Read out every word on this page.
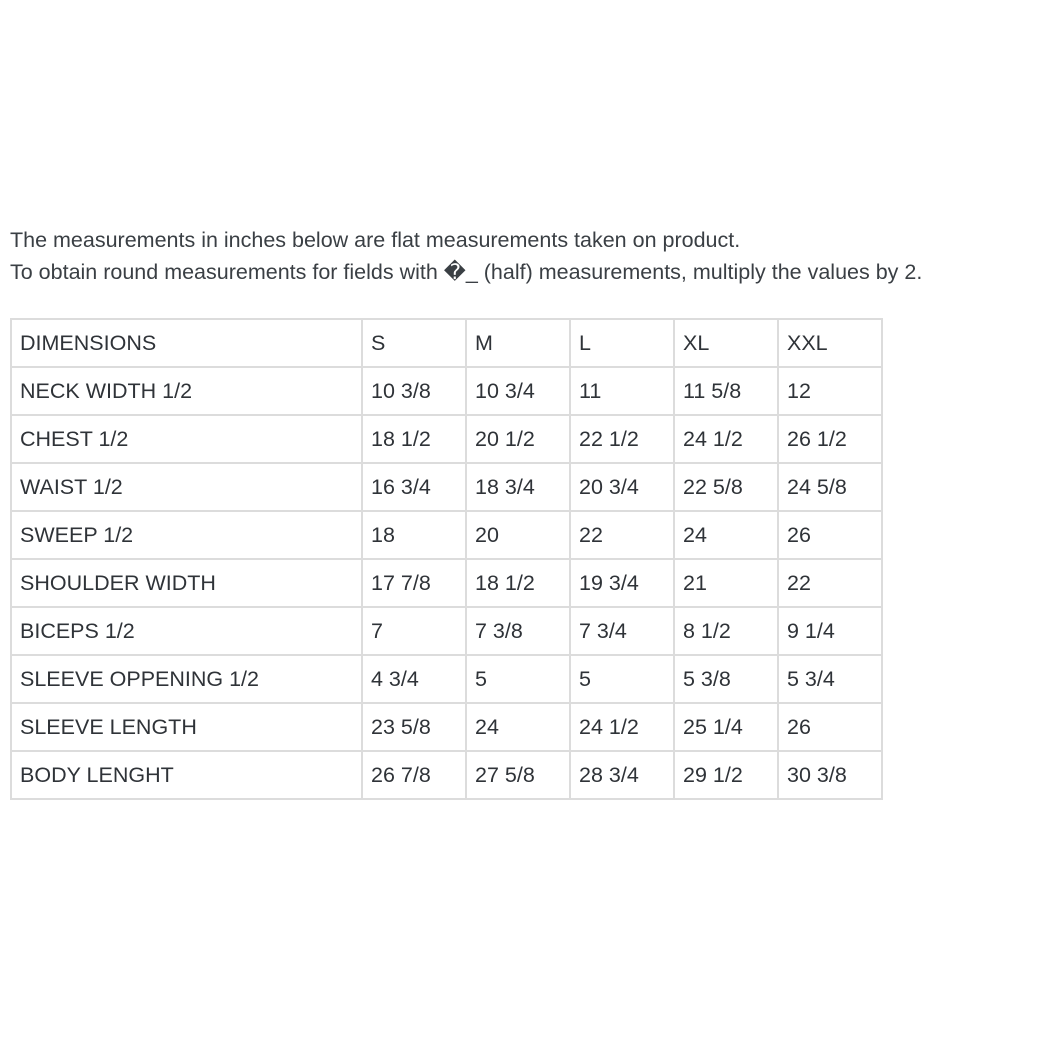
The measurements in inches below are flat measurements taken on product.

To obtain round measurements for fields with �_ (half) measurements, multiply the values by 2.

DIMENSIONS	S	M	L	XL	XXL
NECK WIDTH 1/2	10 3/8	10 3/4	11	11 5/8	12
CHEST 1/2	18 1/2	20 1/2	22 1/2	24 1/2	26 1/2
WAIST 1/2	16 3/4	18 3/4	20 3/4	22 5/8	24 5/8
SWEEP 1/2	18	20	22	24	26
SHOULDER WIDTH	17 7/8	18 1/2	19 3/4	21	22
BICEPS 1/2	7	7 3/8	7 3/4	8 1/2	9 1/4
SLEEVE OPPENING 1/2	4 3/4	5	5	5 3/8	5 3/4
SLEEVE LENGTH	23 5/8	24	24 1/2	25 1/4	26
BODY LENGHT	26 7/8	27 5/8	28 3/4	29 1/2	30 3/8
